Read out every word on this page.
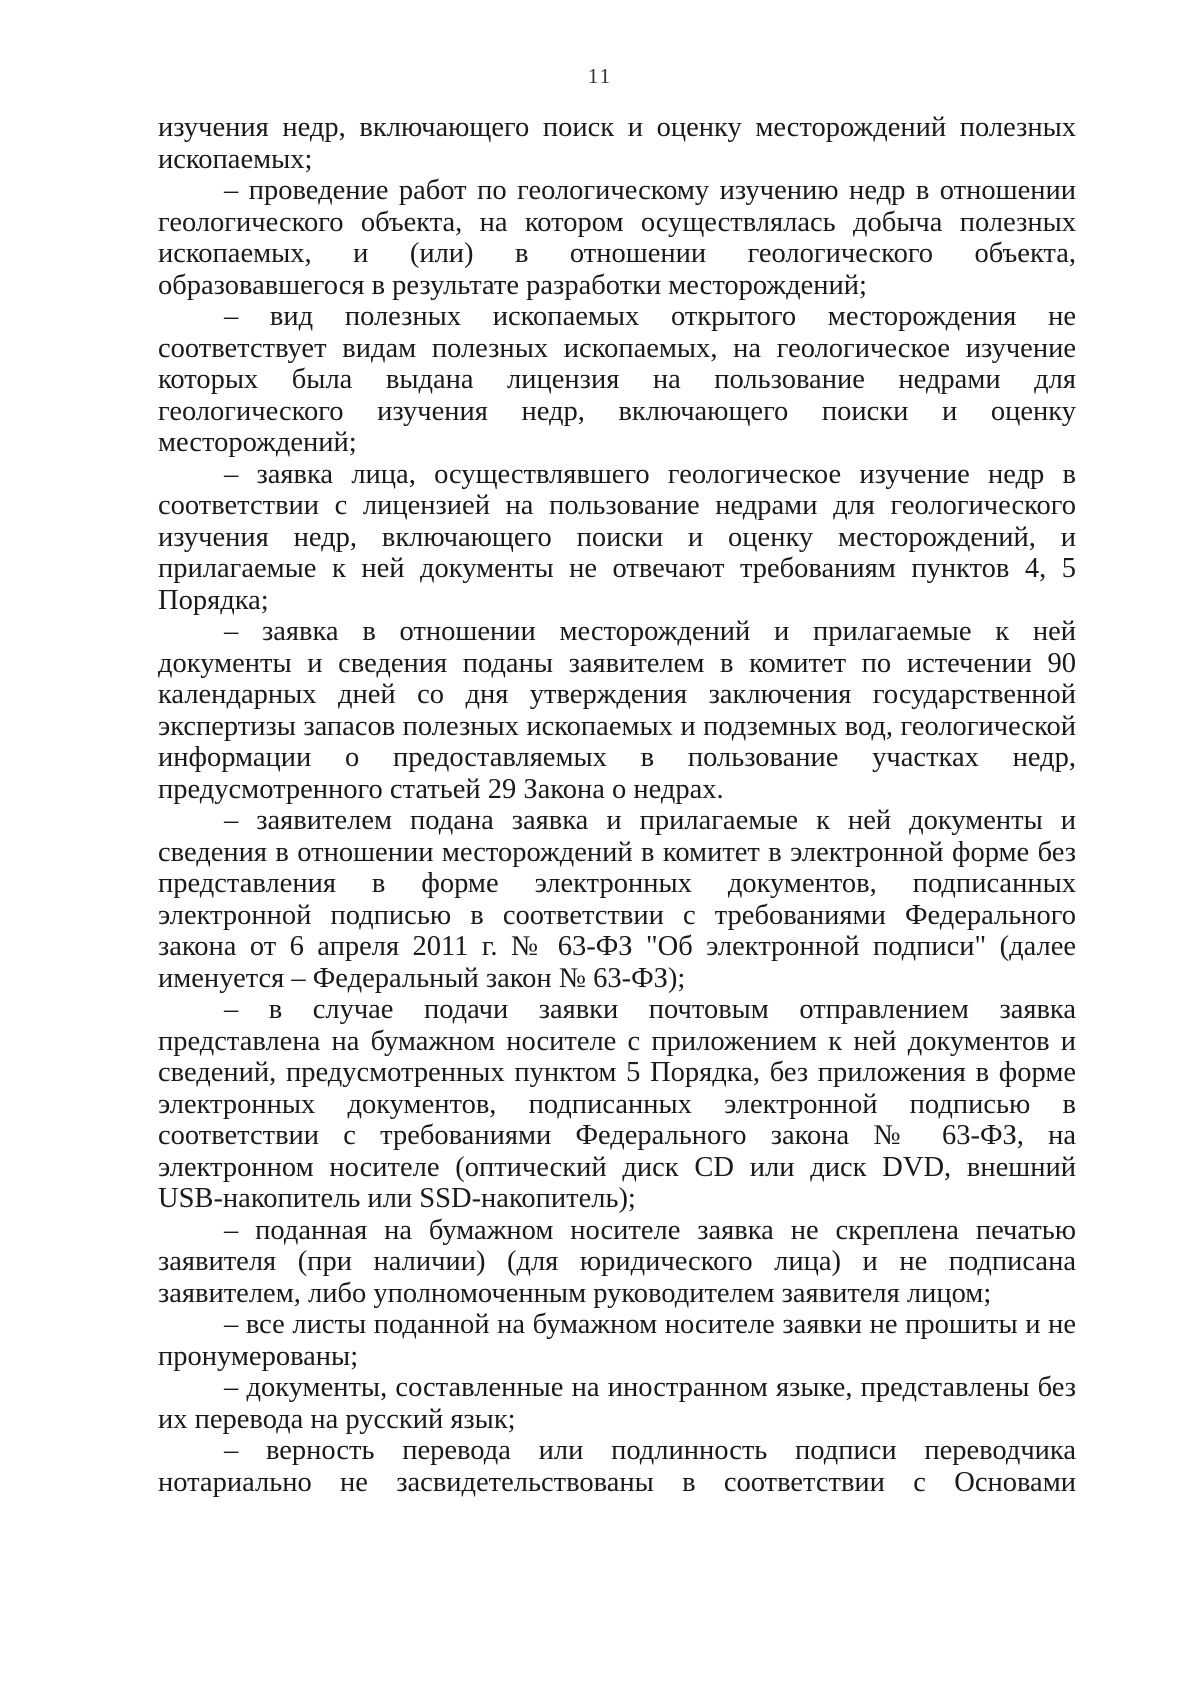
11

изучения недр, включающего поиск и оценку месторождений полезных ископаемых;

– проведение работ по геологическому изучению недр в отношении геологического объекта, на котором осуществлялась добыча полезных ископаемых, и (или) в отношении геологического объекта, образовавшегося в результате разработки месторождений;

– вид полезных ископаемых открытого месторождения не соответствует видам полезных ископаемых, на геологическое изучение которых была выдана лицензия на пользование недрами для геологического изучения недр, включающего поиски и оценку месторождений;

– заявка лица, осуществлявшего геологическое изучение недр в соответствии с лицензией на пользование недрами для геологического изучения недр, включающего поиски и оценку месторождений, и прилагаемые к ней документы не отвечают требованиям пунктов 4, 5 Порядка;

– заявка в отношении месторождений и прилагаемые к ней документы и сведения поданы заявителем в комитет по истечении 90 календарных дней со дня утверждения заключения государственной экспертизы запасов полезных ископаемых и подземных вод, геологической информации о предоставляемых в пользование участках недр, предусмотренного статьей 29 Закона о недрах.

– заявителем подана заявка и прилагаемые к ней документы и сведения в отношении месторождений в комитет в электронной форме без представления в форме электронных документов, подписанных электронной подписью в соответствии с требованиями Федерального закона от 6 апреля 2011 г. № 63-ФЗ "Об электронной подписи" (далее именуется – Федеральный закон № 63-ФЗ);

– в случае подачи заявки почтовым отправлением заявка представлена на бумажном носителе с приложением к ней документов и сведений, предусмотренных пунктом 5 Порядка, без приложения в форме электронных документов, подписанных электронной подписью в соответствии с требованиями Федерального закона № 63-ФЗ, на электронном носителе (оптический диск CD или диск DVD, внешний USB-накопитель или SSD-накопитель);

– поданная на бумажном носителе заявка не скреплена печатью заявителя (при наличии) (для юридического лица) и не подписана заявителем, либо уполномоченным руководителем заявителя лицом;

– все листы поданной на бумажном носителе заявки не прошиты и не пронумерованы;

– документы, составленные на иностранном языке, представлены без их перевода на русский язык;

– верность перевода или подлинность подписи переводчика нотариально не засвидетельствованы в соответствии с Основами
